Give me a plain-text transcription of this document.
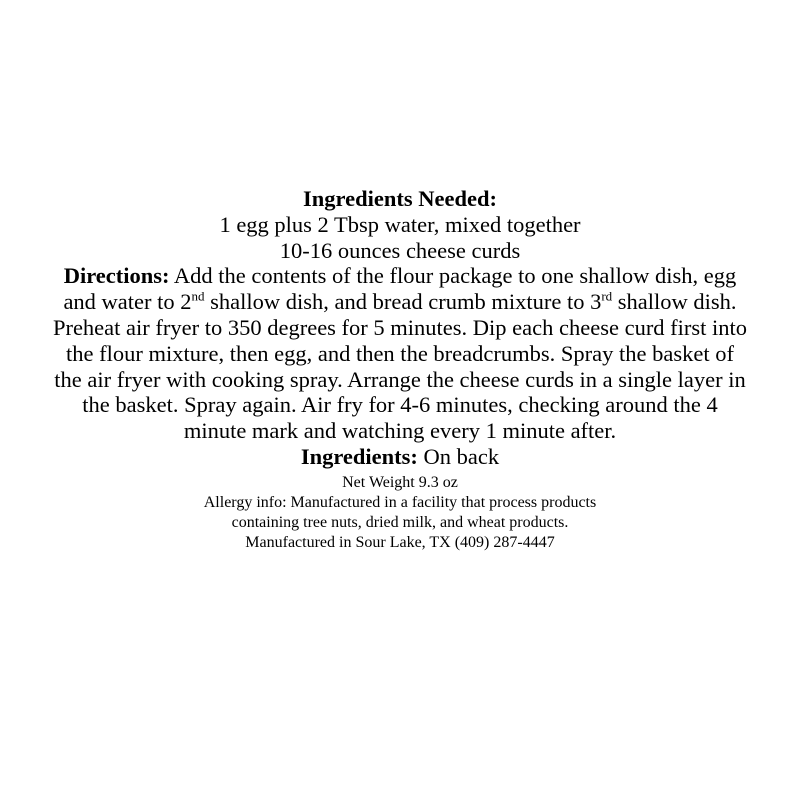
Ingredients Needed:
1 egg plus 2 Tbsp water, mixed together
10-16 ounces cheese curds
Directions: Add the contents of the flour package to one shallow dish, egg and water to 2nd shallow dish, and bread crumb mixture to 3rd shallow dish. Preheat air fryer to 350 degrees for 5 minutes. Dip each cheese curd first into the flour mixture, then egg, and then the breadcrumbs. Spray the basket of the air fryer with cooking spray. Arrange the cheese curds in a single layer in the basket. Spray again. Air fry for 4-6 minutes, checking around the 4 minute mark and watching every 1 minute after.
Ingredients: On back
Net Weight 9.3 oz
Allergy info: Manufactured in a facility that process products
containing tree nuts, dried milk, and wheat products.
Manufactured in Sour Lake, TX (409) 287-4447
